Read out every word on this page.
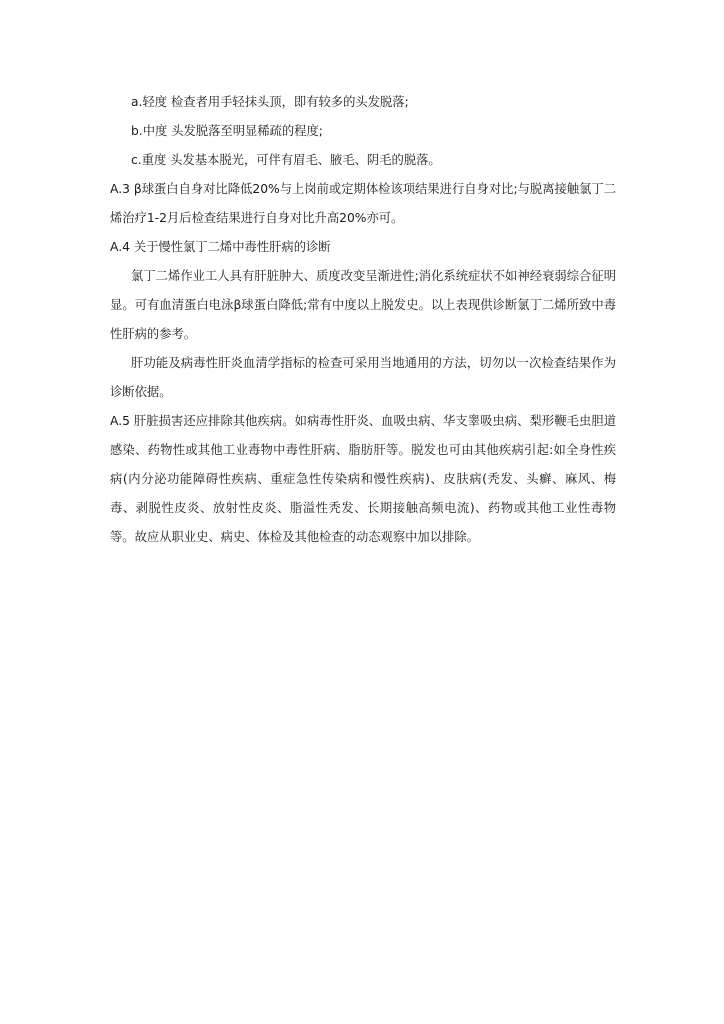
a.轻度 检查者用手轻抹头顶，即有较多的头发脱落;

b.中度 头发脱落至明显稀疏的程度;

c.重度 头发基本脱光，可伴有眉毛、腋毛、阴毛的脱落。

A.3 β球蛋白自身对比降低20%与上岗前或定期体检该项结果进行自身对比;与脱离接触氯丁二烯治疗1-2月后检查结果进行自身对比升高20%亦可。

A.4 关于慢性氯丁二烯中毒性肝病的诊断

氯丁二烯作业工人具有肝脏肿大、质度改变呈渐进性;消化系统症状不如神经衰弱综合征明显。可有血清蛋白电泳β球蛋白降低;常有中度以上脱发史。以上表现供诊断氯丁二烯所致中毒性肝病的参考。

肝功能及病毒性肝炎血清学指标的检查可采用当地通用的方法，切勿以一次检查结果作为诊断依据。

A.5 肝脏损害还应排除其他疾病。如病毒性肝炎、血吸虫病、华支睾吸虫病、梨形鞭毛虫胆道感染、药物性或其他工业毒物中毒性肝病、脂肪肝等。脱发也可由其他疾病引起:如全身性疾病(内分泌功能障碍性疾病、重症急性传染病和慢性疾病)、皮肤病(秃发、头癣、麻风、梅毒、剥脱性皮炎、放射性皮炎、脂溢性秃发、长期接触高频电流)、药物或其他工业性毒物等。故应从职业史、病史、体检及其他检查的动态观察中加以排除。
